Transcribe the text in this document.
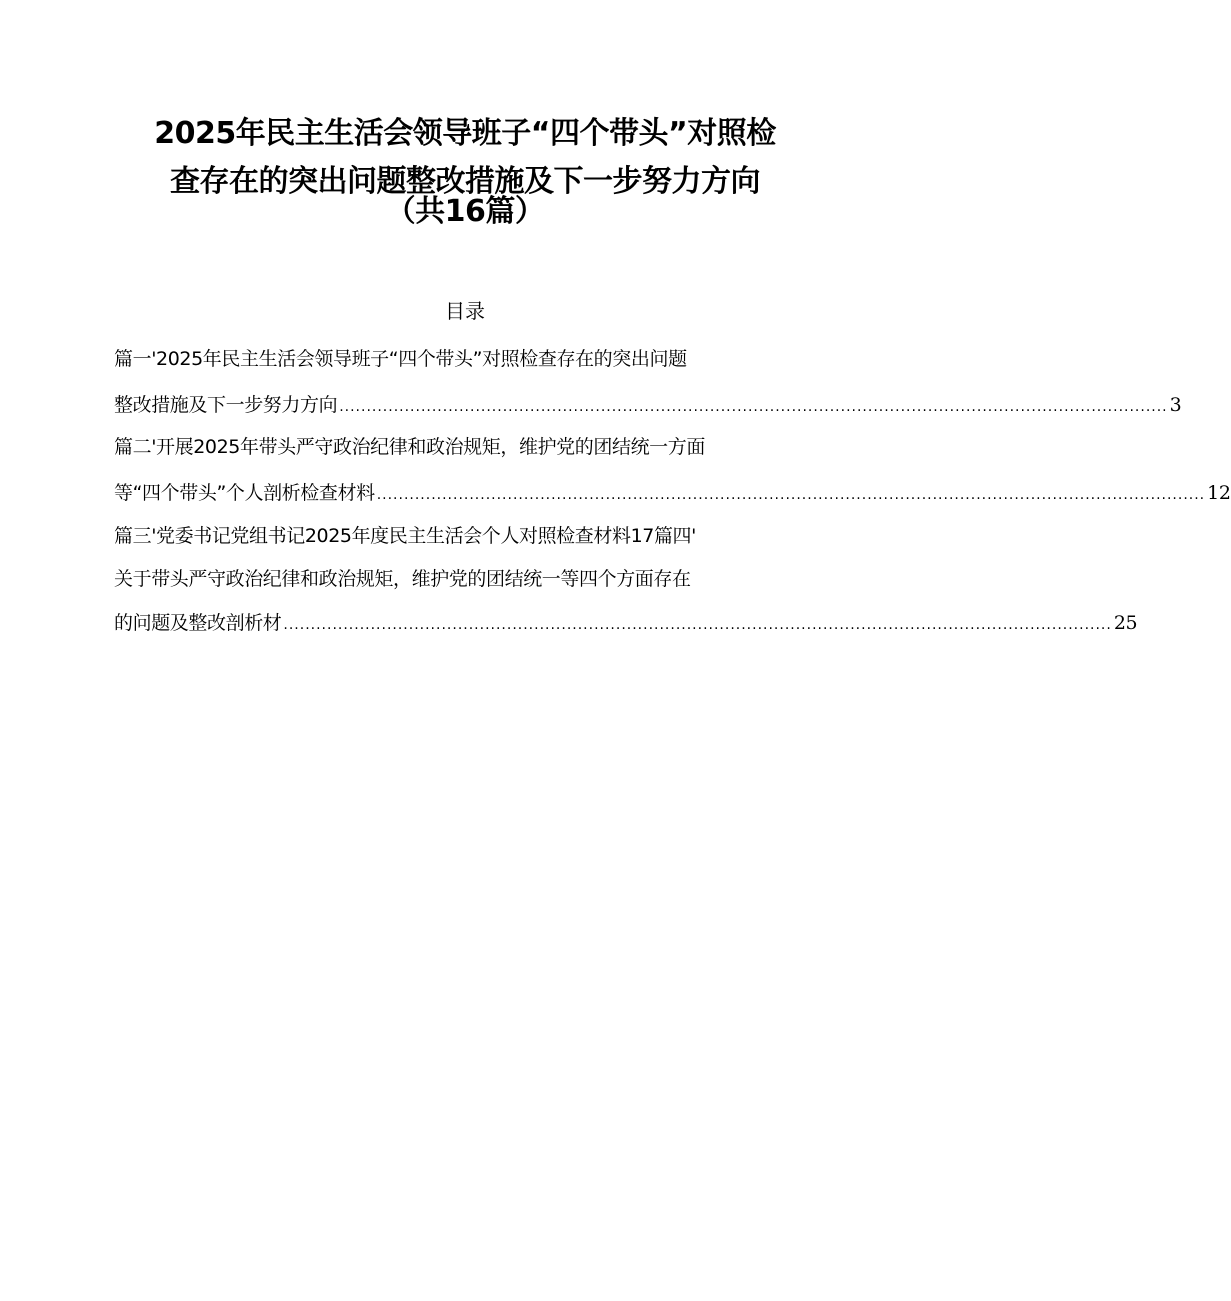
2025年民主生活会领导班子“四个带头”对照检
查存在的突出问题整改措施及下一步努力方向
（共16篇）
目录
篇一'2025年民主生活会领导班子“四个带头”对照检查存在的突出问题
整改措施及下一步努力方向 ........................................................................................................................................................ 3
篇二'开展2025年带头严守政治纪律和政治规矩，维护党的团结统一方面
等“四个带头”个人剖析检查材料 ........................................................................................................................................................ 12
篇三'党委书记党组书记2025年度民主生活会个人对照检查材料17篇四'
关于带头严守政治纪律和政治规矩，维护党的团结统一等四个方面存在
的问题及整改剖析材 ........................................................................................................................................................ 25
